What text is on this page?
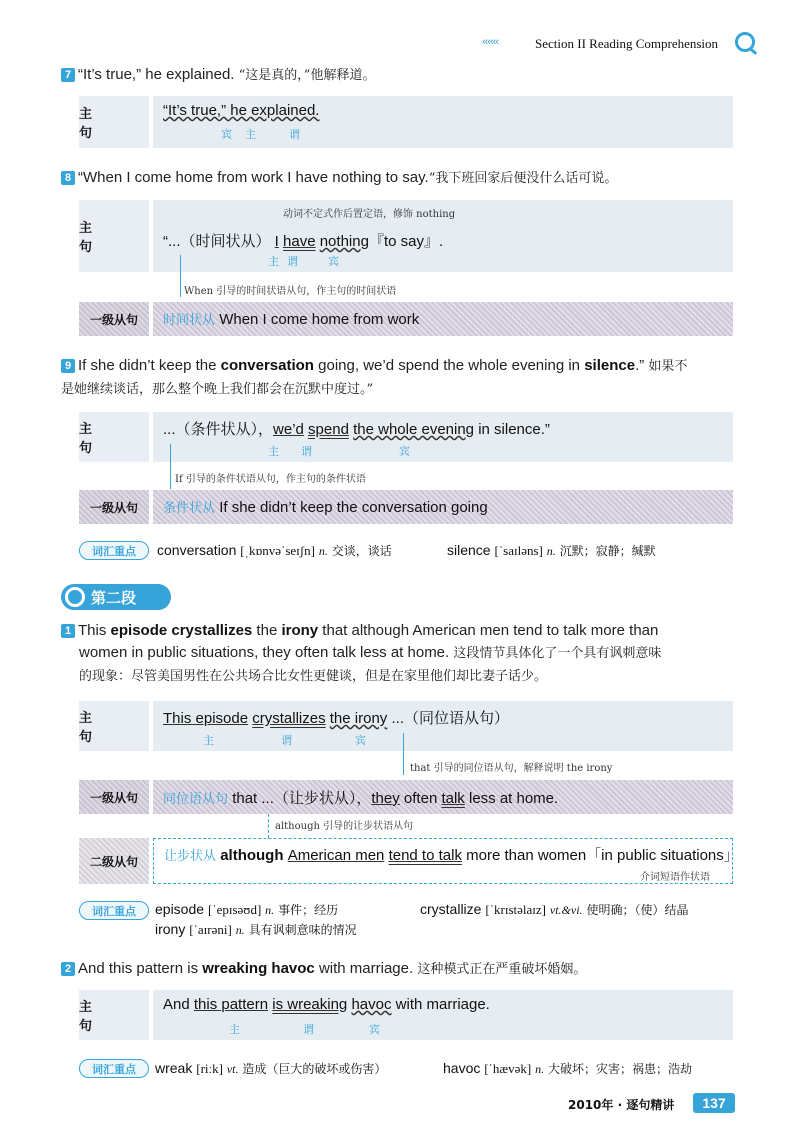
‹‹‹‹‹‹	Section II Reading Comprehension
7 “It’s true,” he explained. “这是真的，”他解释道。
主 句
“It’s true,” he explained.
宾 主	谓
8 “When I come home from work I have nothing to say.“我下班回家后便没什么话可说。
主 句
动词不定式作后置定语，修饰 nothing
“...（时间状从） I have nothing『to say』.
主 谓	宾
When 引导的时间状语从句，作主句的时间状语
一级从句	时间状从 When I come home from work
9 If she didn’t keep the conversation going, we’d spend the whole evening in silence.” 如果不
是她继续谈话，那么整个晚上我们都会在沉默中度过。”
主 句
...（条件状从），we’d spend the whole evening in silence.”
主 谓	宾
If 引导的条件状语从句，作主句的条件状语
一级从句	条件状从 If she didn’t keep the conversation going
词汇重点	conversation [ˌkɒnvəˈseɪʃn] n. 交谈，谈话	silence [ˈsaɪləns] n. 沉默；寂静；缄默
第二段
1 This episode crystallizes the irony that although American men tend to talk more than
women in public situations, they often talk less at home. 这段情节具体化了一个具有讽刺意味
的现象：尽管美国男性在公共场合比女性更健谈，但是在家里他们却比妻子话少。
主 句
This episode crystallizes the irony ...（同位语从句）
主	谓	宾
that 引导的同位语从句，解释说明 the irony
一级从句	同位语从句 that ...（让步状从），they often talk less at home.
although 引导的让步状语从句
二级从句	让步状从 although American men tend to talk more than women「in public situations」
介词短语作状语
词汇重点	episode [ˈepɪsəʊd] n. 事件；经历	crystallize [ˈkrɪstəlaɪz] vt.&vi. 使明确；（使）结晶
irony [ˈaɪrəni] n. 具有讽刺意味的情况
2 And this pattern is wreaking havoc with marriage. 这种模式正在严重破坏婚姻。
主 句
And this pattern is wreaking havoc with marriage.
主	谓	宾
词汇重点	wreak [riːk] vt. 造成（巨大的破坏或伤害）	havoc [ˈhævək] n. 大破坏；灾害；祸患；浩劫
2010年 · 逐句精讲	137
